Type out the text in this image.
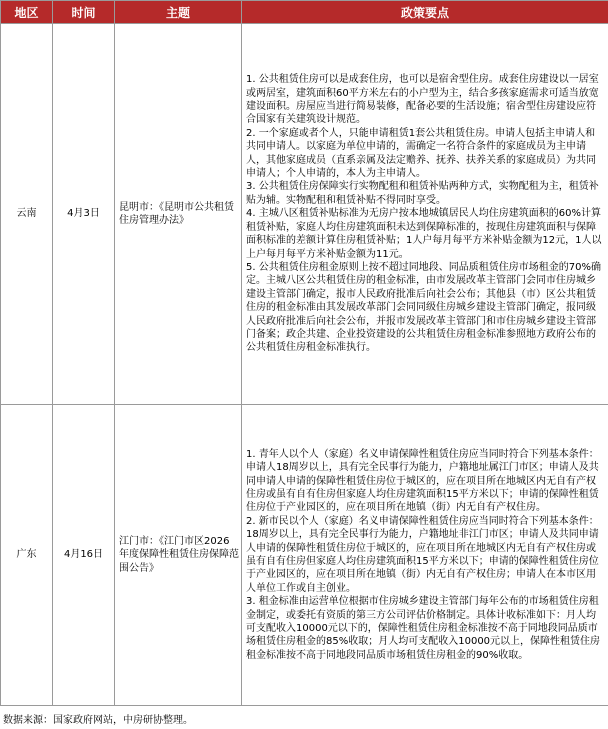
地区	时间	主题	政策要点
云南	4月3日	昆明市：《昆明市公共租赁住房管理办法》	1. 公共租赁住房可以是成套住房，也可以是宿舍型住房。成套住房建设以一居室或两居室，建筑面积60平方米左右的小户型为主，结合多孩家庭需求可适当放宽建设面积。房屋应当进行简易装修，配备必要的生活设施；宿舍型住房建设应符合国家有关建筑设计规范。

2. 一个家庭或者个人，只能申请租赁1套公共租赁住房。申请人包括主申请人和共同申请人。以家庭为单位申请的，需确定一名符合条件的家庭成员为主申请人，其他家庭成员（直系亲属及法定赡养、抚养、扶养关系的家庭成员）为共同申请人；个人申请的，本人为主申请人。

3. 公共租赁住房保障实行实物配租和租赁补贴两种方式，实物配租为主，租赁补贴为辅。实物配租和租赁补贴不得同时享受。

4. 主城八区租赁补贴标准为无房户按本地城镇居民人均住房建筑面积的60%计算租赁补贴，家庭人均住房建筑面积未达到保障标准的，按现住房建筑面积与保障面积标准的差额计算住房租赁补贴；1人户每月每平方米补贴金额为12元，1人以上户每月每平方米补贴金额为11元。

5. 公共租赁住房租金原则上按不超过同地段、同品质租赁住房市场租金的70%确定。主城八区公共租赁住房的租金标准，由市发展改革主管部门会同市住房城乡建设主管部门确定，报市人民政府批准后向社会公布；其他县（市）区公共租赁住房的租金标准由其发展改革部门会同同级住房城乡建设主管部门确定，报同级人民政府批准后向社会公布，并报市发展改革主管部门和市住房城乡建设主管部门备案；政企共建、企业投资建设的公共租赁住房租金标准参照地方政府公布的公共租赁住房租金标准执行。

广东	4月16日	江门市：《江门市区2026年度保障性租赁住房保障范围公告》	1. 青年人以个人（家庭）名义申请保障性租赁住房应当同时符合下列基本条件：申请人18周岁以上，具有完全民事行为能力，户籍地址属江门市区；申请人及共同申请人申请的保障性租赁住房位于城区的，应在项目所在地城区内无自有产权住房或虽有自有住房但家庭人均住房建筑面积15平方米以下；申请的保障性租赁住房位于产业园区的，应在项目所在地镇（街）内无自有产权住房。

2. 新市民以个人（家庭）名义申请保障性租赁住房应当同时符合下列基本条件：18周岁以上，具有完全民事行为能力，户籍地址非江门市区；申请人及共同申请人申请的保障性租赁住房位于城区的，应在项目所在地城区内无自有产权住房或虽有自有住房但家庭人均住房建筑面积15平方米以下；申请的保障性租赁住房位于产业园区的，应在项目所在地镇（街）内无自有产权住房；申请人在本市区用人单位工作或自主创业。

3. 租金标准由运营单位根据市住房城乡建设主管部门每年公布的市场租赁住房租金制定，或委托有资质的第三方公司评估价格制定。具体计收标准如下：月人均可支配收入10000元以下的，保障性租赁住房租金标准按不高于同地段同品质市场租赁住房租金的85%收取；月人均可支配收入10000元以上，保障性租赁住房租金标准按不高于同地段同品质市场租赁住房租金的90%收取。

数据来源：国家政府网站，中房研协整理。
